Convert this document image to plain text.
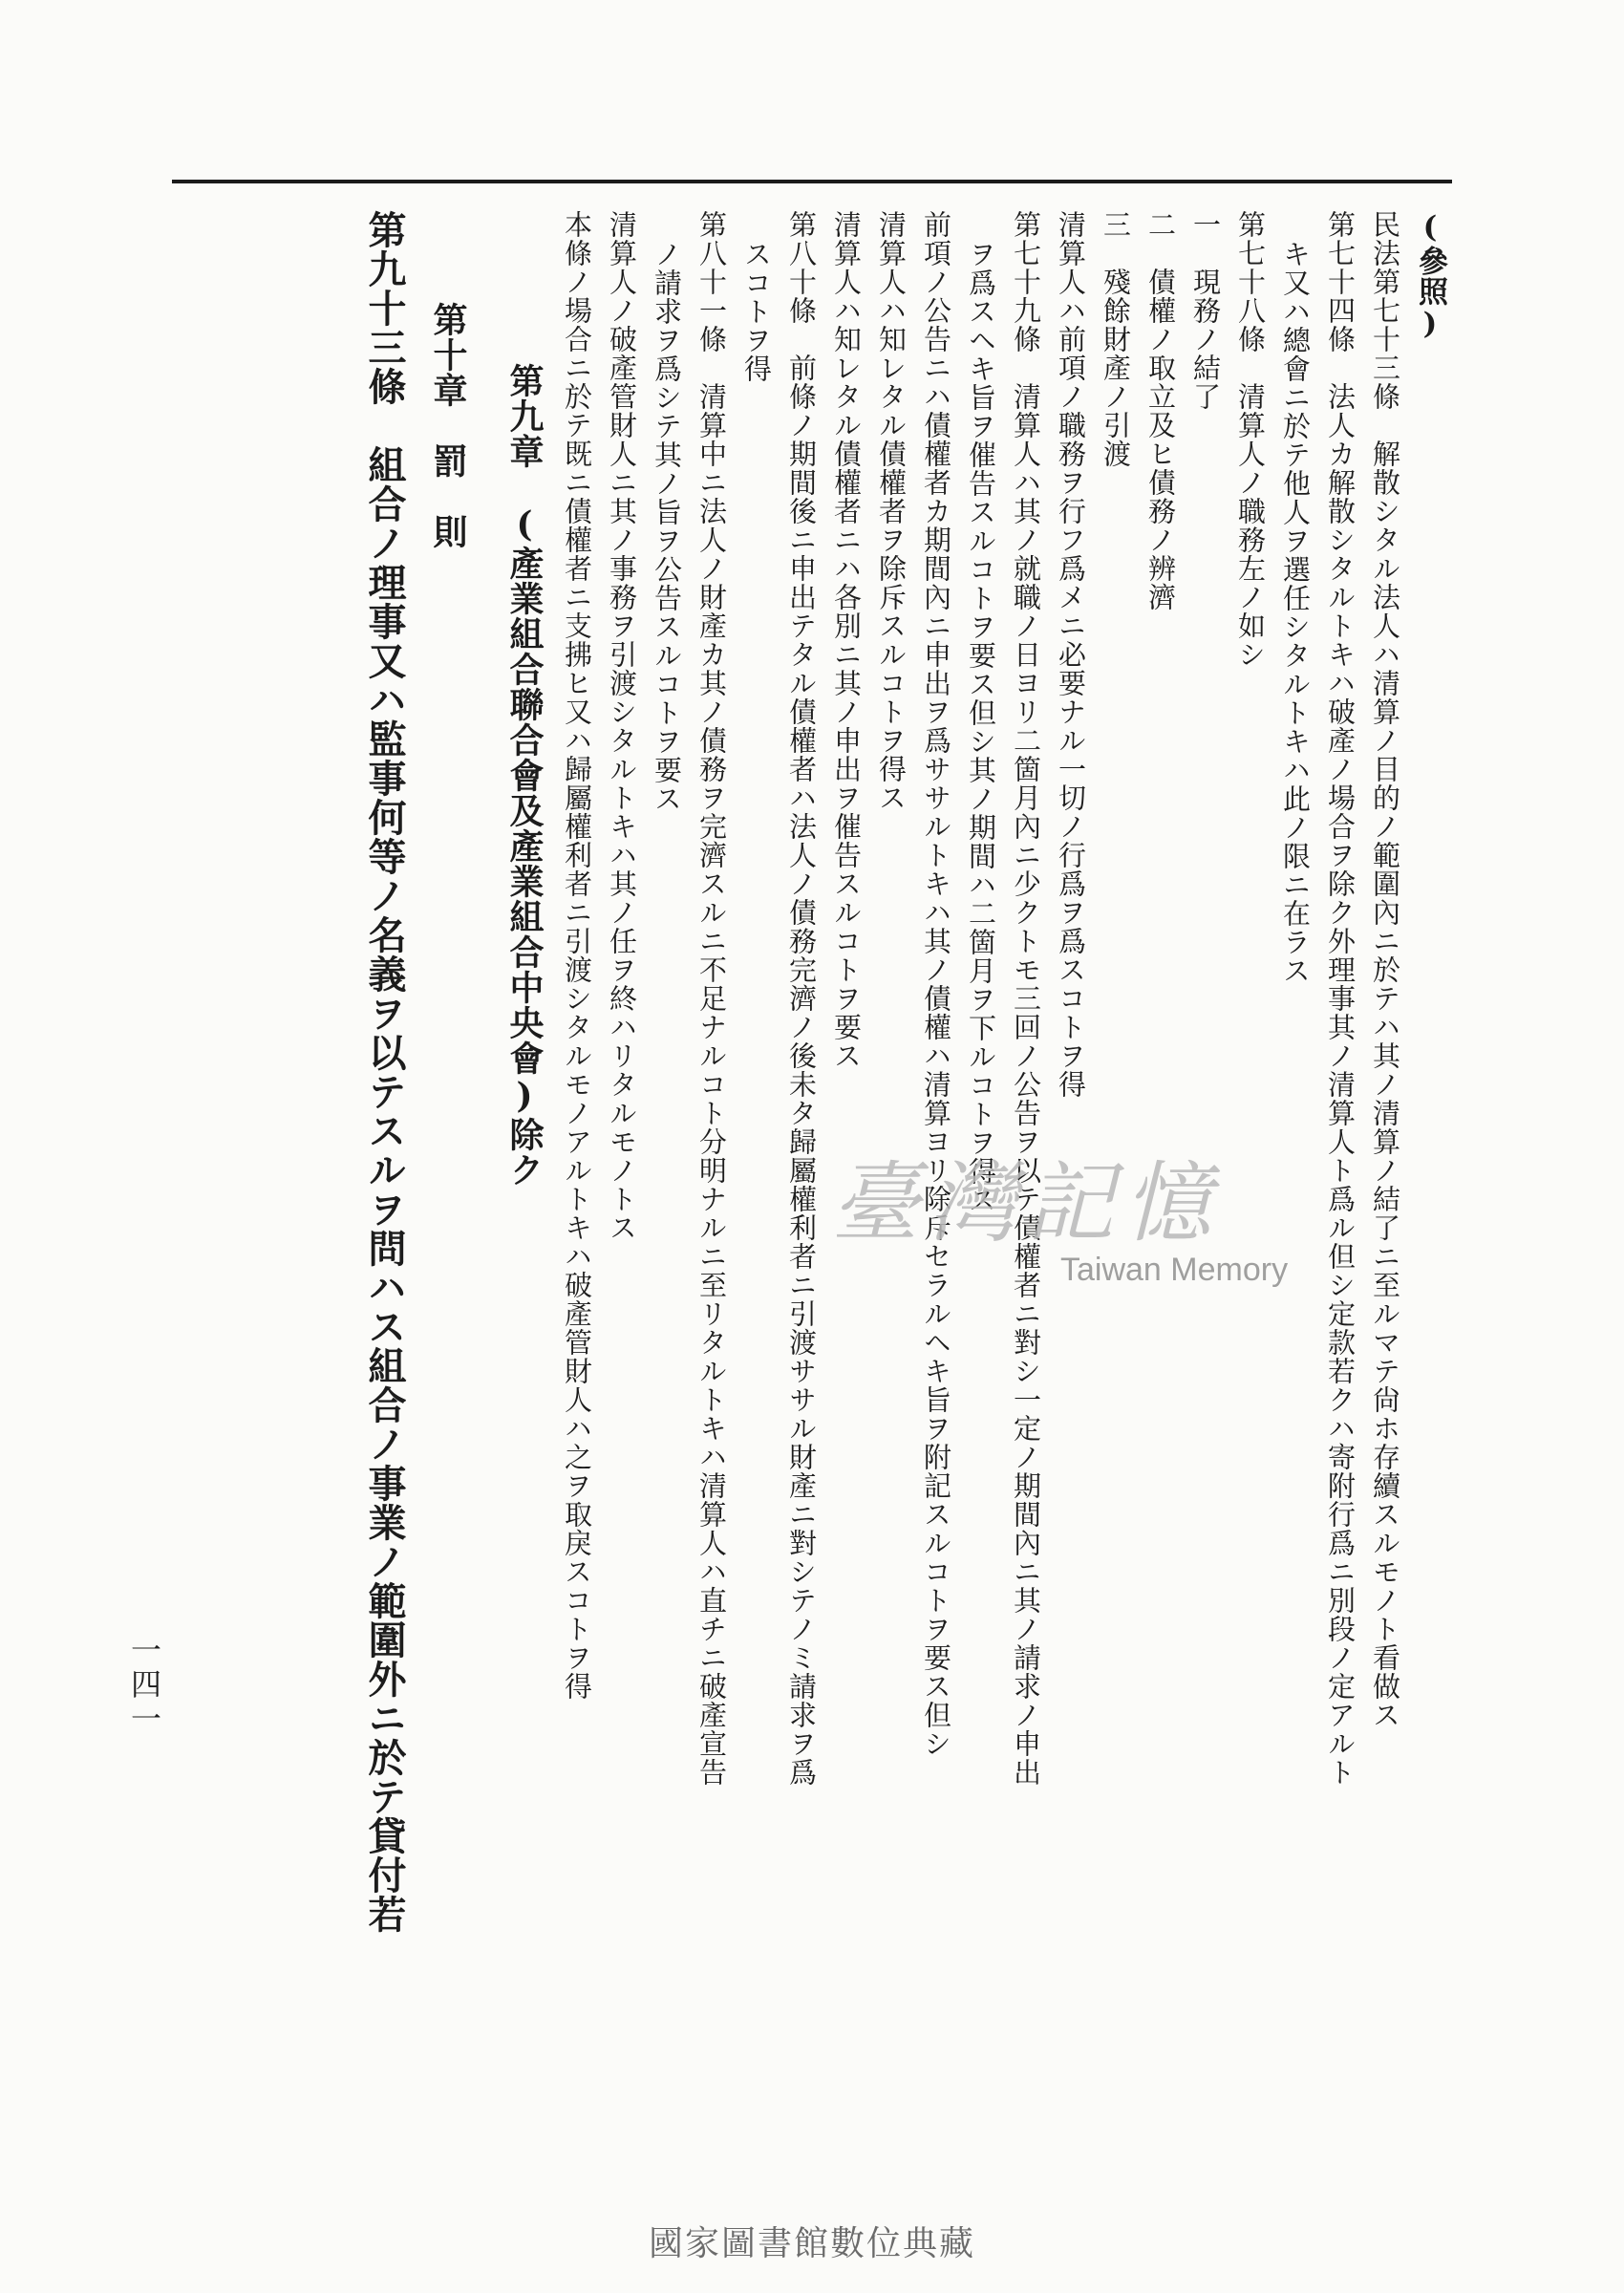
(參照)

民法第七十三條　解散シタル法人ハ清算ノ目的ノ範圍內ニ於テハ其ノ清算ノ結了ニ至ルマテ尙ホ存續スルモノト看做ス

第七十四條　法人カ解散シタルトキハ破產ノ場合ヲ除ク外理事其ノ清算人ト爲ル但シ定款若クハ寄附行爲ニ別段ノ定アルト

キ又ハ總會ニ於テ他人ヲ選任シタルトキハ此ノ限ニ在ラス

第七十八條　清算人ノ職務左ノ如シ

一　現務ノ結了

二　債權ノ取立及ヒ債務ノ辨濟

三　殘餘財產ノ引渡

清算人ハ前項ノ職務ヲ行フ爲メニ必要ナル一切ノ行爲ヲ爲スコトヲ得

第七十九條　清算人ハ其ノ就職ノ日ヨリ二箇月內ニ少クトモ三回ノ公告ヲ以テ債權者ニ對シ一定ノ期間內ニ其ノ請求ノ申出

ヲ爲スヘキ旨ヲ催告スルコトヲ要ス但シ其ノ期間ハ二箇月ヲ下ルコトヲ得ス

前項ノ公告ニハ債權者カ期間內ニ申出ヲ爲ササルトキハ其ノ債權ハ清算ヨリ除斥セラルヘキ旨ヲ附記スルコトヲ要ス但シ

清算人ハ知レタル債權者ヲ除斥スルコトヲ得ス

清算人ハ知レタル債權者ニハ各別ニ其ノ申出ヲ催告スルコトヲ要ス

第八十條　前條ノ期間後ニ申出テタル債權者ハ法人ノ債務完濟ノ後未タ歸屬權利者ニ引渡ササル財產ニ對シテノミ請求ヲ爲

スコトヲ得

第八十一條　清算中ニ法人ノ財產カ其ノ債務ヲ完濟スルニ不足ナルコト分明ナルニ至リタルトキハ清算人ハ直チニ破產宣告

ノ請求ヲ爲シテ其ノ旨ヲ公告スルコトヲ要ス

清算人ノ破產管財人ニ其ノ事務ヲ引渡シタルトキハ其ノ任ヲ終ハリタルモノトス

本條ノ場合ニ於テ既ニ債權者ニ支拂ヒ又ハ歸屬權利者ニ引渡シタルモノアルトキハ破產管財人ハ之ヲ取戾スコトヲ得

第九章　(產業組合聯合會及產業組合中央會)除ク

第十章　罰　則

第九十三條　組合ノ理事又ハ監事何等ノ名義ヲ以テスルヲ問ハス組合ノ事業ノ範圍外ニ於テ貸付若

一四一
臺灣記憶
Taiwan Memory
國家圖書館數位典藏
